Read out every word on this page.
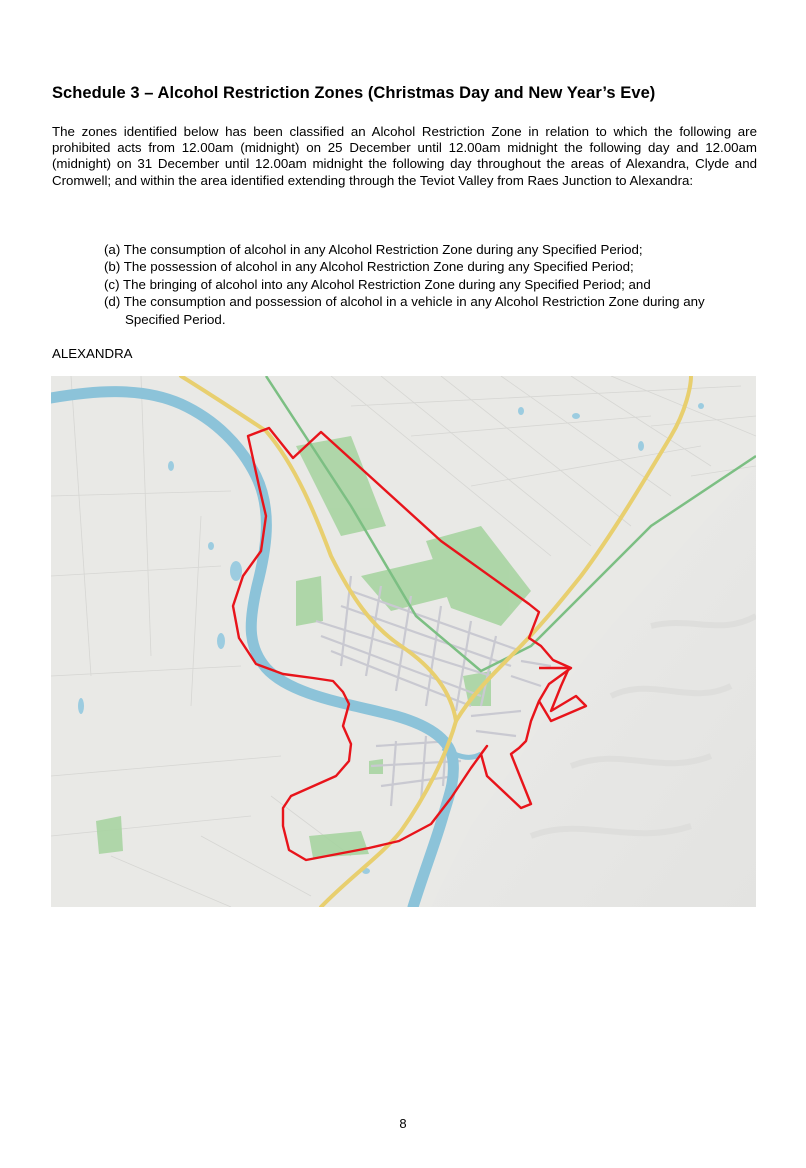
Schedule 3 – Alcohol Restriction Zones (Christmas Day and New Year’s Eve)

The zones identified below has been classified an Alcohol Restriction Zone in relation to which the following are prohibited acts from 12.00am (midnight) on 25 December until 12.00am midnight the following day and 12.00am (midnight) on 31 December until 12.00am midnight the following day throughout the areas of Alexandra, Clyde and Cromwell; and within the area identified extending through the Teviot Valley from Raes Junction to Alexandra:

(a) The consumption of alcohol in any Alcohol Restriction Zone during any Specified Period;
(b) The possession of alcohol in any Alcohol Restriction Zone during any Specified Period;
(c) The bringing of alcohol into any Alcohol Restriction Zone during any Specified Period; and
(d) The consumption and possession of alcohol in a vehicle in any Alcohol Restriction Zone during any Specified Period.

ALEXANDRA

8
